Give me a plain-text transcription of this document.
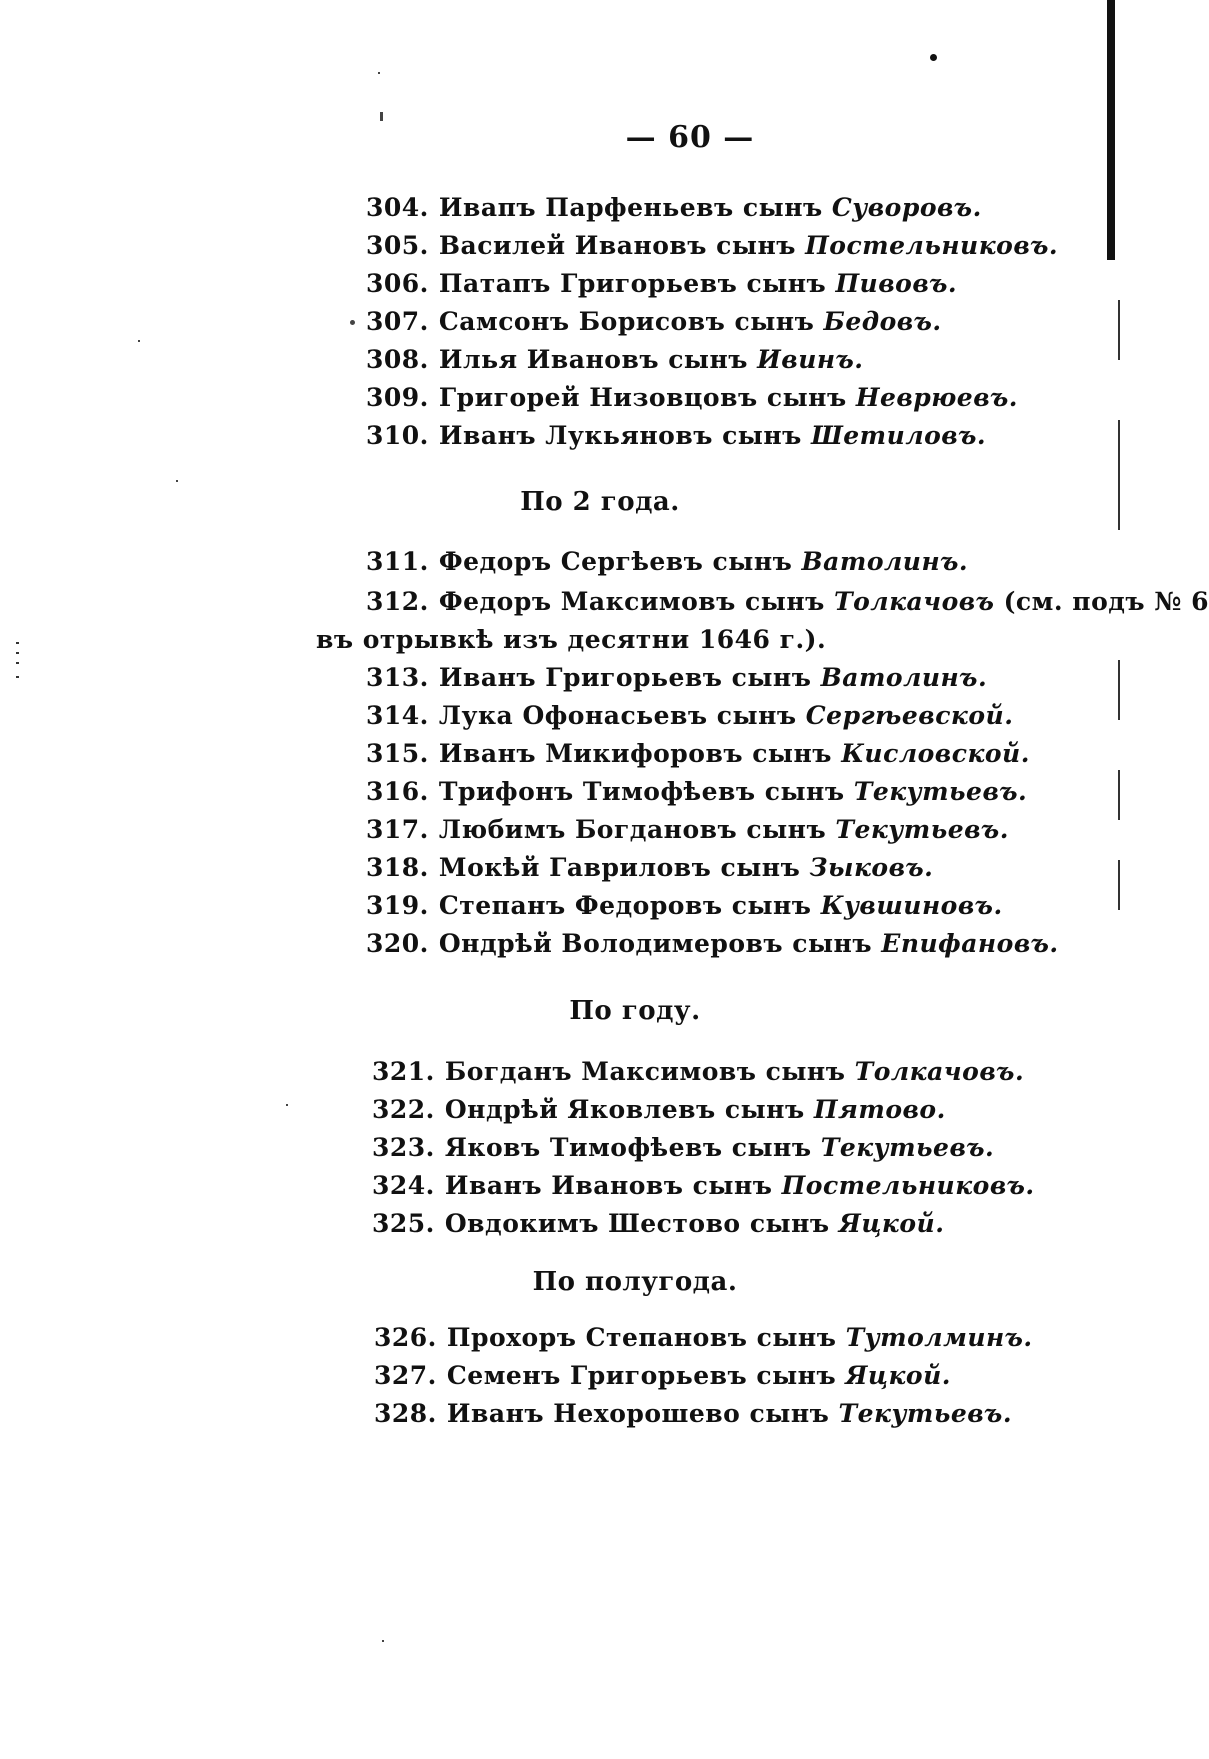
— 60 —
304. Ивапъ Парфеньевъ сынъ Суворовъ.
305. Василей Ивановъ сынъ Постельниковъ.
306. Патапъ Григорьевъ сынъ Пивовъ.
307. Самсонъ Борисовъ сынъ Бедовъ.
308. Илья Ивановъ сынъ Ивинъ.
309. Григорей Низовцовъ сынъ Неврюевъ.
310. Иванъ Лукьяновъ сынъ Шетиловъ.
По 2 года.
311. Федоръ Сергѣевъ сынъ Ватолинъ.
312. Федоръ Максимовъ сынъ Толкачовъ (см. подъ № 6
въ отрывкѣ изъ десятни 1646 г.).
313. Иванъ Григорьевъ сынъ Ватолинъ.
314. Лука Офонасьевъ сынъ Сергѣевской.
315. Иванъ Микифоровъ сынъ Кисловской.
316. Трифонъ Тимофѣевъ сынъ Текутьевъ.
317. Любимъ Богдановъ сынъ Текутьевъ.
318. Мокѣй Гавриловъ сынъ Зыковъ.
319. Степанъ Федоровъ сынъ Кувшиновъ.
320. Ондрѣй Володимеровъ сынъ Епифановъ.
По году.
321. Богданъ Максимовъ сынъ Толкачовъ.
322. Ондрѣй Яковлевъ сынъ Пятово.
323. Яковъ Тимофѣевъ сынъ Текутьевъ.
324. Иванъ Ивановъ сынъ Постельниковъ.
325. Овдокимъ Шестово сынъ Яцкой.
По полугода.
326. Прохоръ Степановъ сынъ Тутолминъ.
327. Семенъ Григорьевъ сынъ Яцкой.
328. Иванъ Нехорошево сынъ Текутьевъ.
